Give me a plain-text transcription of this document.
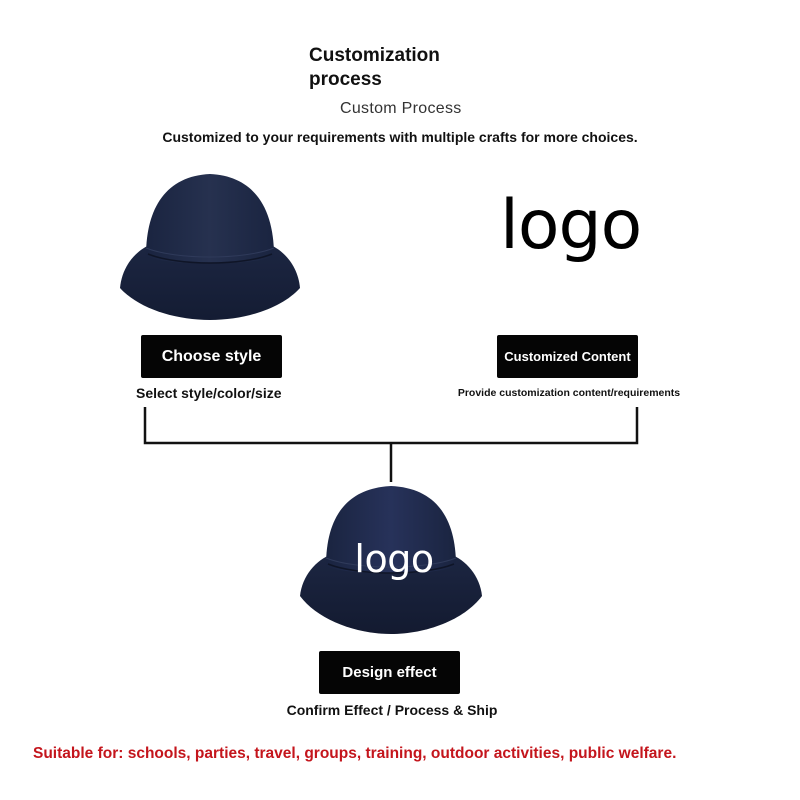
Customization process
Custom Process
Customized to your requirements with multiple crafts for more choices.
logo
Choose style	Customized Content
Select style/color/size	Provide customization content/requirements
logo
Design effect
Confirm Effect / Process & Ship
Suitable for: schools, parties, travel, groups, training, outdoor activities, public welfare.
